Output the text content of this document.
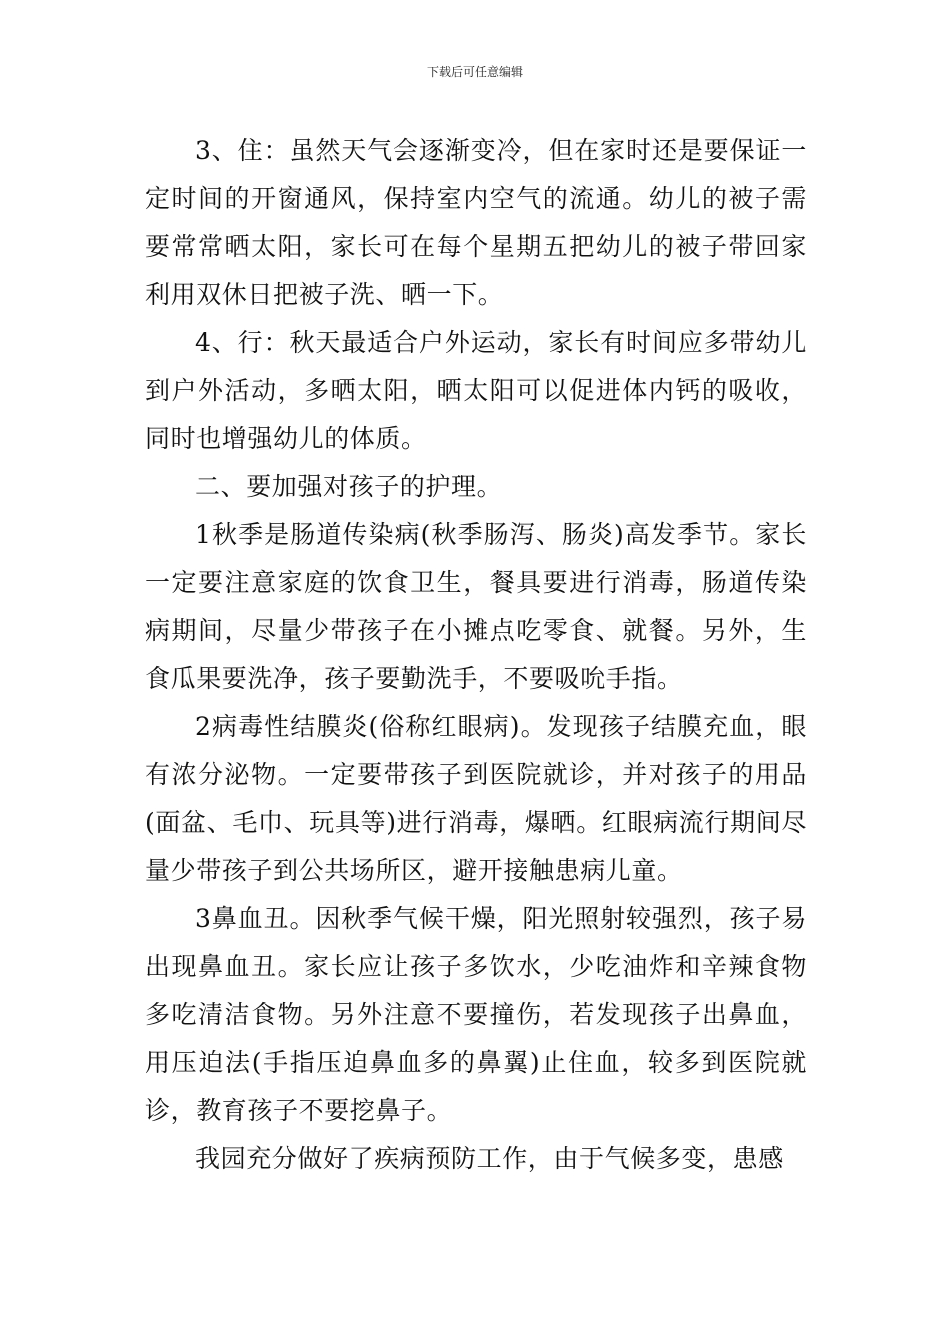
下载后可任意编辑

3、住：虽然天气会逐渐变冷，但在家时还是要保证一定时间的开窗通风，保持室内空气的流通。幼儿的被子需要常常晒太阳，家长可在每个星期五把幼儿的被子带回家利用双休日把被子洗、晒一下。

4、行：秋天最适合户外运动，家长有时间应多带幼儿到户外活动，多晒太阳，晒太阳可以促进体内钙的吸收，同时也增强幼儿的体质。

二、要加强对孩子的护理。

1秋季是肠道传染病(秋季肠泻、肠炎)高发季节。家长一定要注意家庭的饮食卫生，餐具要进行消毒，肠道传染病期间，尽量少带孩子在小摊点吃零食、就餐。另外，生食瓜果要洗净，孩子要勤洗手，不要吸吮手指。

2病毒性结膜炎(俗称红眼病)。发现孩子结膜充血，眼有浓分泌物。一定要带孩子到医院就诊，并对孩子的用品(面盆、毛巾、玩具等)进行消毒，爆晒。红眼病流行期间尽量少带孩子到公共场所区，避开接触患病儿童。

3鼻血丑。因秋季气候干燥，阳光照射较强烈，孩子易出现鼻血丑。家长应让孩子多饮水，少吃油炸和辛辣食物多吃清洁食物。另外注意不要撞伤，若发现孩子出鼻血，用压迫法(手指压迫鼻血多的鼻翼)止住血，较多到医院就诊，教育孩子不要挖鼻子。

我园充分做好了疾病预防工作，由于气候多变，患感
